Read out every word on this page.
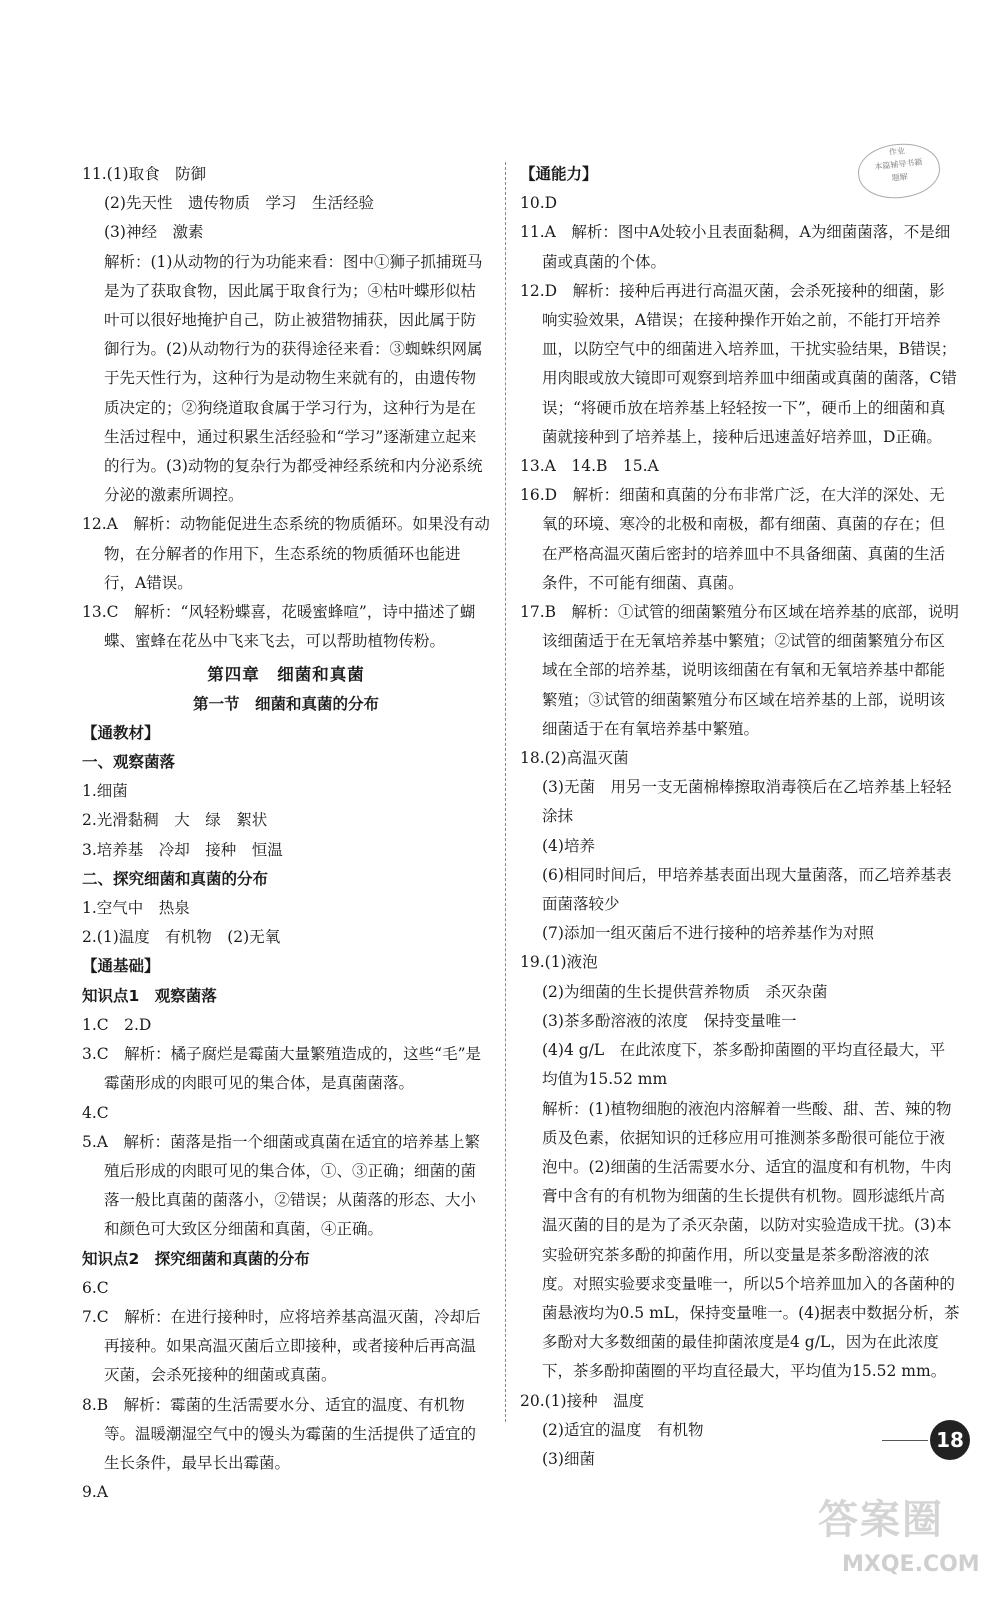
作业
本篇辅导书籍
题解
11.(1)取食　防御
(2)先天性　遗传物质　学习　生活经验
(3)神经　激素
解析：(1)从动物的行为功能来看：图中①狮子抓捕斑马是为了获取食物，因此属于取食行为；④枯叶蝶形似枯叶可以很好地掩护自己，防止被猎物捕获，因此属于防御行为。(2)从动物行为的获得途径来看：③蜘蛛织网属于先天性行为，这种行为是动物生来就有的，由遗传物质决定的；②狗绕道取食属于学习行为，这种行为是在生活过程中，通过积累生活经验和“学习”逐渐建立起来的行为。(3)动物的复杂行为都受神经系统和内分泌系统分泌的激素所调控。
12.A　解析：动物能促进生态系统的物质循环。如果没有动物，在分解者的作用下，生态系统的物质循环也能进行，A错误。
13.C　解析：“风轻粉蝶喜，花暖蜜蜂喧”，诗中描述了蝴蝶、蜜蜂在花丛中飞来飞去，可以帮助植物传粉。
第四章　细菌和真菌
第一节　细菌和真菌的分布
【通教材】
一、观察菌落
1.细菌
2.光滑黏稠　大　绿　絮状
3.培养基　冷却　接种　恒温
二、探究细菌和真菌的分布
1.空气中　热泉
2.(1)温度　有机物　(2)无氧
【通基础】
知识点1　观察菌落
1.C　2.D
3.C　解析：橘子腐烂是霉菌大量繁殖造成的，这些“毛”是霉菌形成的肉眼可见的集合体，是真菌菌落。
4.C
5.A　解析：菌落是指一个细菌或真菌在适宜的培养基上繁殖后形成的肉眼可见的集合体，①、③正确；细菌的菌落一般比真菌的菌落小，②错误；从菌落的形态、大小和颜色可大致区分细菌和真菌，④正确。
知识点2　探究细菌和真菌的分布
6.C
7.C　解析：在进行接种时，应将培养基高温灭菌，冷却后再接种。如果高温灭菌后立即接种，或者接种后再高温灭菌，会杀死接种的细菌或真菌。
8.B　解析：霉菌的生活需要水分、适宜的温度、有机物等。温暖潮湿空气中的馒头为霉菌的生活提供了适宜的生长条件，最早长出霉菌。
9.A
【通能力】
10.D
11.A　解析：图中A处较小且表面黏稠，A为细菌菌落，不是细菌或真菌的个体。
12.D　解析：接种后再进行高温灭菌，会杀死接种的细菌，影响实验效果，A错误；在接种操作开始之前，不能打开培养皿，以防空气中的细菌进入培养皿，干扰实验结果，B错误；用肉眼或放大镜即可观察到培养皿中细菌或真菌的菌落，C错误；“将硬币放在培养基上轻轻按一下”，硬币上的细菌和真菌就接种到了培养基上，接种后迅速盖好培养皿，D正确。
13.A　14.B　15.A
16.D　解析：细菌和真菌的分布非常广泛，在大洋的深处、无氧的环境、寒冷的北极和南极，都有细菌、真菌的存在；但在严格高温灭菌后密封的培养皿中不具备细菌、真菌的生活条件，不可能有细菌、真菌。
17.B　解析：①试管的细菌繁殖分布区域在培养基的底部，说明该细菌适于在无氧培养基中繁殖；②试管的细菌繁殖分布区域在全部的培养基，说明该细菌在有氧和无氧培养基中都能繁殖；③试管的细菌繁殖分布区域在培养基的上部，说明该细菌适于在有氧培养基中繁殖。
18.(2)高温灭菌
(3)无菌　用另一支无菌棉棒擦取消毒筷后在乙培养基上轻轻涂抹
(4)培养
(6)相同时间后，甲培养基表面出现大量菌落，而乙培养基表面菌落较少
(7)添加一组灭菌后不进行接种的培养基作为对照
19.(1)液泡
(2)为细菌的生长提供营养物质　杀灭杂菌
(3)茶多酚溶液的浓度　保持变量唯一
(4)4 g/L　在此浓度下，茶多酚抑菌圈的平均直径最大，平均值为15.52 mm
解析：(1)植物细胞的液泡内溶解着一些酸、甜、苦、辣的物质及色素，依据知识的迁移应用可推测茶多酚很可能位于液泡中。(2)细菌的生活需要水分、适宜的温度和有机物，牛肉膏中含有的有机物为细菌的生长提供有机物。圆形滤纸片高温灭菌的目的是为了杀灭杂菌，以防对实验造成干扰。(3)本实验研究茶多酚的抑菌作用，所以变量是茶多酚溶液的浓度。对照实验要求变量唯一，所以5个培养皿加入的各菌种的菌悬液均为0.5 mL，保持变量唯一。(4)据表中数据分析，茶多酚对大多数细菌的最佳抑菌浓度是4 g/L，因为在此浓度下，茶多酚抑菌圈的平均直径最大，平均值为15.52 mm。
20.(1)接种　温度
(2)适宜的温度　有机物
(3)细菌
18
答案圈
MXQE.COM
